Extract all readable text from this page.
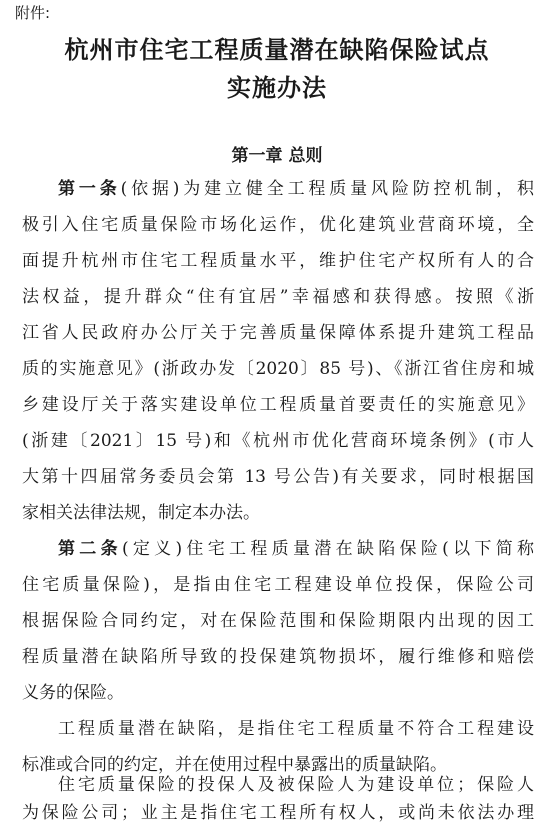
附件:
杭州市住宅工程质量潜在缺陷保险试点
实施办法
第一章 总则
第一条(依据)为建立健全工程质量风险防控机制，积
极引入住宅质量保险市场化运作，优化建筑业营商环境，全
面提升杭州市住宅工程质量水平，维护住宅产权所有人的合
法权益，提升群众“住有宜居”幸福感和获得感。按照《浙
江省人民政府办公厅关于完善质量保障体系提升建筑工程品
质的实施意见》(浙政办发〔2020〕85 号)、《浙江省住房和城
乡建设厅关于落实建设单位工程质量首要责任的实施意见》
(浙建〔2021〕15 号)和《杭州市优化营商环境条例》(市人
大第十四届常务委员会第 13 号公告)有关要求，同时根据国
家相关法律法规，制定本办法。
第二条(定义)住宅工程质量潜在缺陷保险(以下简称
住宅质量保险)，是指由住宅工程建设单位投保，保险公司
根据保险合同约定，对在保险范围和保险期限内出现的因工
程质量潜在缺陷所导致的投保建筑物损坏，履行维修和赔偿
义务的保险。
工程质量潜在缺陷，是指住宅工程质量不符合工程建设
标准或合同的约定，并在使用过程中暴露出的质量缺陷。
住宅质量保险的投保人及被保险人为建设单位；保险人
为保险公司；业主是指住宅工程所有权人，或尚未依法办理
